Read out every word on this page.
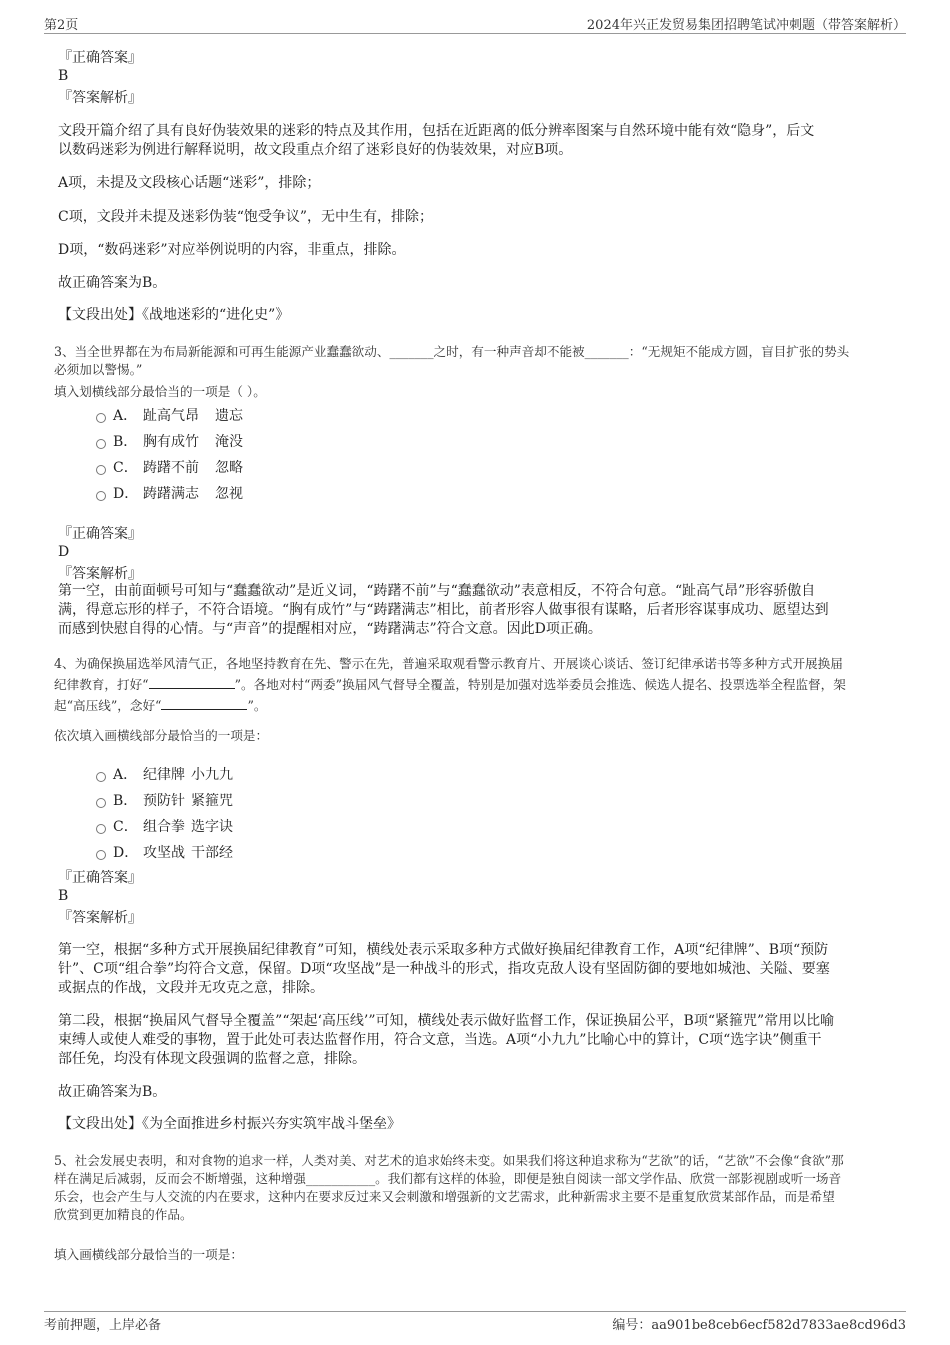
第2页	2024年兴正发贸易集团招聘笔试冲刺题（带答案解析）
『正确答案』
B
『答案解析』
文段开篇介绍了具有良好伪装效果的迷彩的特点及其作用，包括在近距离的低分辨率图案与自然环境中能有效“隐身”，后文
以数码迷彩为例进行解释说明，故文段重点介绍了迷彩良好的伪装效果，对应B项。
A项，未提及文段核心话题“迷彩”，排除；
C项，文段并未提及迷彩伪装“饱受争议”，无中生有，排除；
D项，“数码迷彩”对应举例说明的内容，非重点，排除。
故正确答案为B。
【文段出处】《战地迷彩的“进化史”》
3、当全世界都在为布局新能源和可再生能源产业蠢蠢欲动、_______之时，有一种声音却不能被_______：“无规矩不能成方圆，盲目扩张的势头
必须加以警惕。”
填入划横线部分最恰当的一项是（ ）。
A． 趾高气昂 遗忘
B． 胸有成竹 淹没
C． 踌躇不前 忽略
D． 踌躇满志 忽视
『正确答案』
D
『答案解析』
第一空，由前面顿号可知与“蠢蠢欲动”是近义词，“踌躇不前”与“蠢蠢欲动”表意相反，不符合句意。“趾高气昂”形容骄傲自
满，得意忘形的样子，不符合语境。“胸有成竹”与“踌躇满志”相比，前者形容人做事很有谋略，后者形容谋事成功、愿望达到
而感到快慰自得的心情。与“声音”的提醒相对应，“踌躇满志”符合文意。因此D项正确。
4、为确保换届选举风清气正，各地坚持教育在先、警示在先，普遍采取观看警示教育片、开展谈心谈话、签订纪律承诺书等多种方式开展换届
纪律教育，打好“	”。各地对村“两委”换届风气督导全覆盖，特别是加强对选举委员会推选、候选人提名、投票选举全程监督，架
起“高压线”，念好“	”。
依次填入画横线部分最恰当的一项是：
A． 纪律牌 小九九
B． 预防针 紧箍咒
C． 组合拳 选字诀
D． 攻坚战 干部经
『正确答案』
B
『答案解析』
第一空，根据“多种方式开展换届纪律教育”可知，横线处表示采取多种方式做好换届纪律教育工作，A项“纪律牌”、B项“预防
针”、C项“组合拳”均符合文意，保留。D项“攻坚战”是一种战斗的形式，指攻克敌人设有坚固防御的要地如城池、关隘、要塞
或据点的作战，文段并无攻克之意，排除。
第二段，根据“换届风气督导全覆盖”“架起‘高压线’”可知，横线处表示做好监督工作，保证换届公平，B项“紧箍咒”常用以比喻
束缚人或使人难受的事物，置于此处可表达监督作用，符合文意，当选。A项“小九九”比喻心中的算计，C项“选字诀”侧重干
部任免，均没有体现文段强调的监督之意，排除。
故正确答案为B。
【文段出处】《为全面推进乡村振兴夯实筑牢战斗堡垒》
5、社会发展史表明，和对食物的追求一样，人类对美、对艺术的追求始终未变。如果我们将这种追求称为“艺欲”的话，“艺欲”不会像“食欲”那
样在满足后减弱，反而会不断增强，这种增强___________。我们都有这样的体验，即便是独自阅读一部文学作品、欣赏一部影视剧或听一场音
乐会，也会产生与人交流的内在要求，这种内在要求反过来又会刺激和增强新的文艺需求，此种新需求主要不是重复欣赏某部作品，而是希望
欣赏到更加精良的作品。
填入画横线部分最恰当的一项是：
考前押题，上岸必备	编号：aa901be8ceb6ecf582d7833ae8cd96d3
